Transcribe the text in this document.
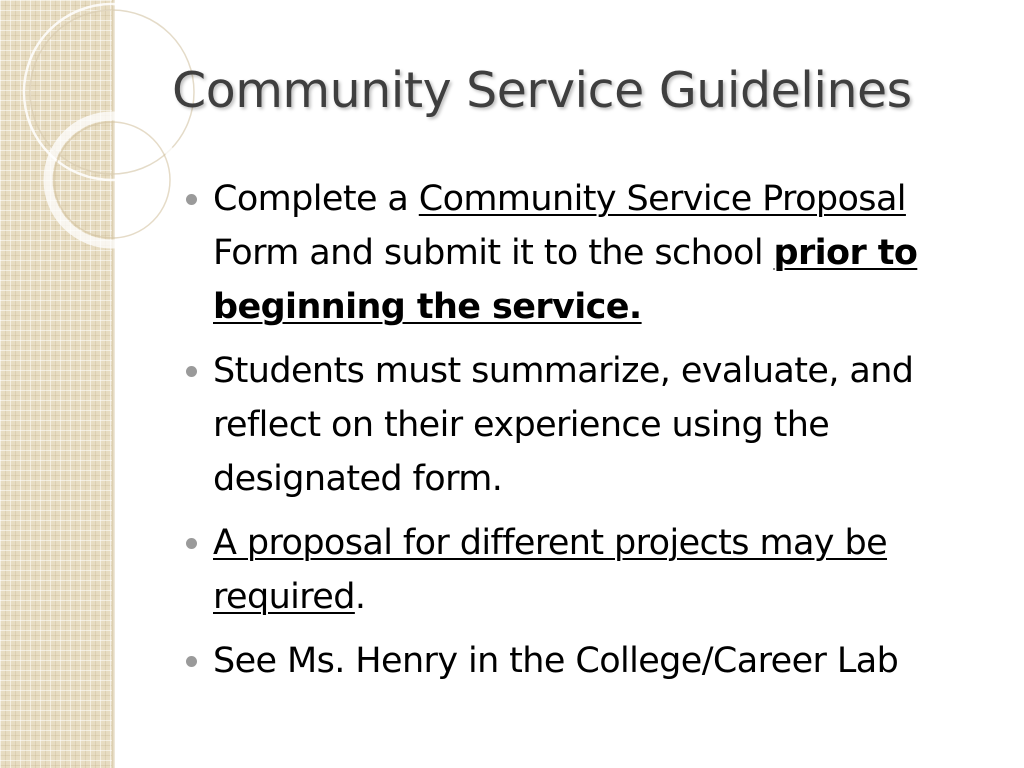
Community Service Guidelines
Complete a Community Service Proposal Form and submit it to the school prior to beginning the service.
Students must summarize, evaluate, and reflect on their experience using the designated form.
A proposal for different projects may be required.
See Ms. Henry in the College/Career Lab
